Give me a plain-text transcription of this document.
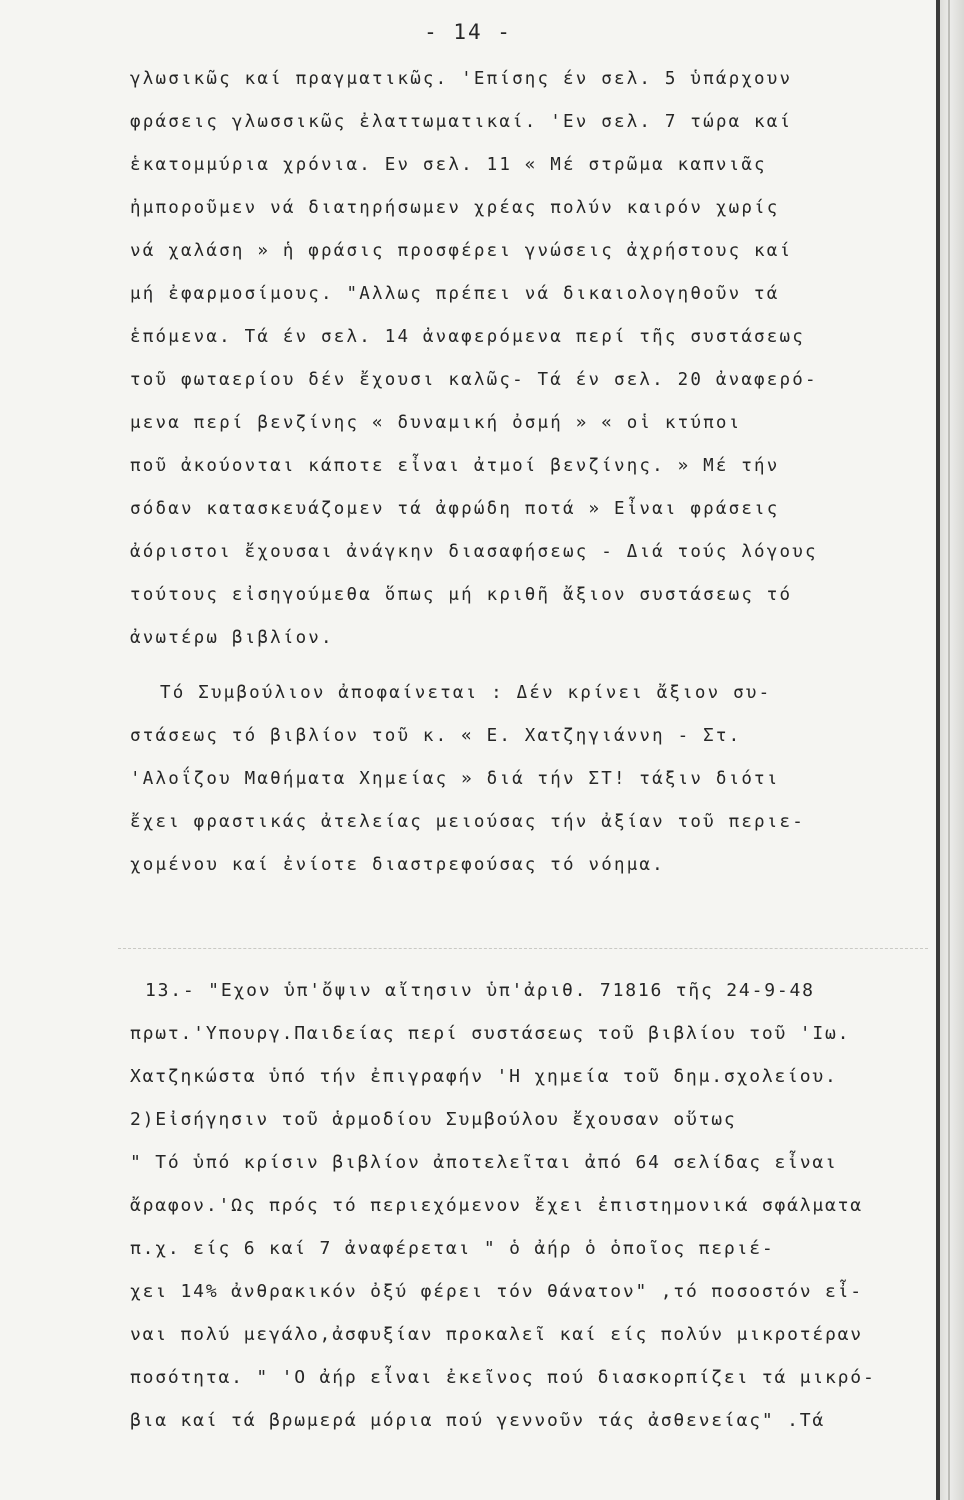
- 14 -
γλωσικῶς καί πραγματικῶς. 'Επίσης έν σελ. 5 ὑπάρχουν
φράσεις γλωσσικῶς ἐλαττωματικαί. 'Εν σελ. 7 τώρα καί
ἑκατομμύρια χρόνια. Εν σελ. 11 « Μέ στρῶμα καπνιᾶς
ἠμποροῦμεν νά διατηρήσωμεν χρέας πολύν καιρόν χωρίς
νά χαλάση » ἡ φράσις προσφέρει γνώσεις ἀχρήστους καί
μή ἐφαρμοσίμους. "Αλλως πρέπει νά δικαιολογηθοῦν τά
ἑπόμενα. Τά έν σελ. 14 ἀναφερόμενα περί τῆς συστάσεως
τοῦ φωταερίου δέν ἔχουσι καλῶς- Τά έν σελ. 20 ἀναφερό-
μενα περί βενζίνης « δυναμική ὀσμή » « οἱ κτύποι
ποῦ ἀκούονται κάποτε εἶναι ἀτμοί βενζίνης. » Μέ τήν
σόδαν κατασκευάζομεν τά ἀφρώδη ποτά » Εἶναι φράσεις
ἀόριστοι ἔχουσαι ἀνάγκην διασαφήσεως - Διά τούς λόγους
τούτους εἰσηγούμεθα ὅπως μή κριθῆ ἄξιον συστάσεως τό
ἀνωτέρω βιβλίον.
Τό Συμβούλιον ἀποφαίνεται : Δέν κρίνει ἄξιον συ-
στάσεως τό βιβλίον τοῦ κ. « Ε. Χατζηγιάννη - Στ.
'Αλοΐζου Μαθήματα Χημείας » διά τήν ΣΤ! τάξιν διότι
ἔχει φραστικάς ἀτελείας μειούσας τήν ἀξίαν τοῦ περιε-
χομένου καί ἐνίοτε διαστρεφούσας τό νόημα.
13.- "Εχον ὑπ'ὄψιν αἴτησιν ὑπ'ἀριθ. 71816 τῆς 24-9-48
πρωτ.'Υπουργ.Παιδείας περί συστάσεως τοῦ βιβλίου τοῦ 'Ιω.
Χατζηκώστα ὑπό τήν ἐπιγραφήν 'Η χημεία τοῦ δημ.σχολείου.
2)Εἰσήγησιν τοῦ ἁρμοδίου Συμβούλου ἔχουσαν οὕτως
" Τό ὑπό κρίσιν βιβλίον ἀποτελεῖται ἀπό 64 σελίδας εἶναι
ἄραφον.'Ως πρός τό περιεχόμενον ἔχει ἐπιστημονικά σφάλματα
π.χ. είς 6 καί 7 ἀναφέρεται " ὁ ἀήρ ὁ ὁποῖος περιέ-
χει 14% ἀνθρακικόν ὀξύ φέρει τόν θάνατον" ,τό ποσοστόν εἶ-
ναι πολύ μεγάλο,ἀσφυξίαν προκαλεῖ καί είς πολύν μικροτέραν
ποσότητα. " 'Ο ἀήρ εἶναι ἐκεῖνος πού διασκορπίζει τά μικρό-
βια καί τά βρωμερά μόρια πού γεννοῦν τάς ἀσθενείας" .Τά
